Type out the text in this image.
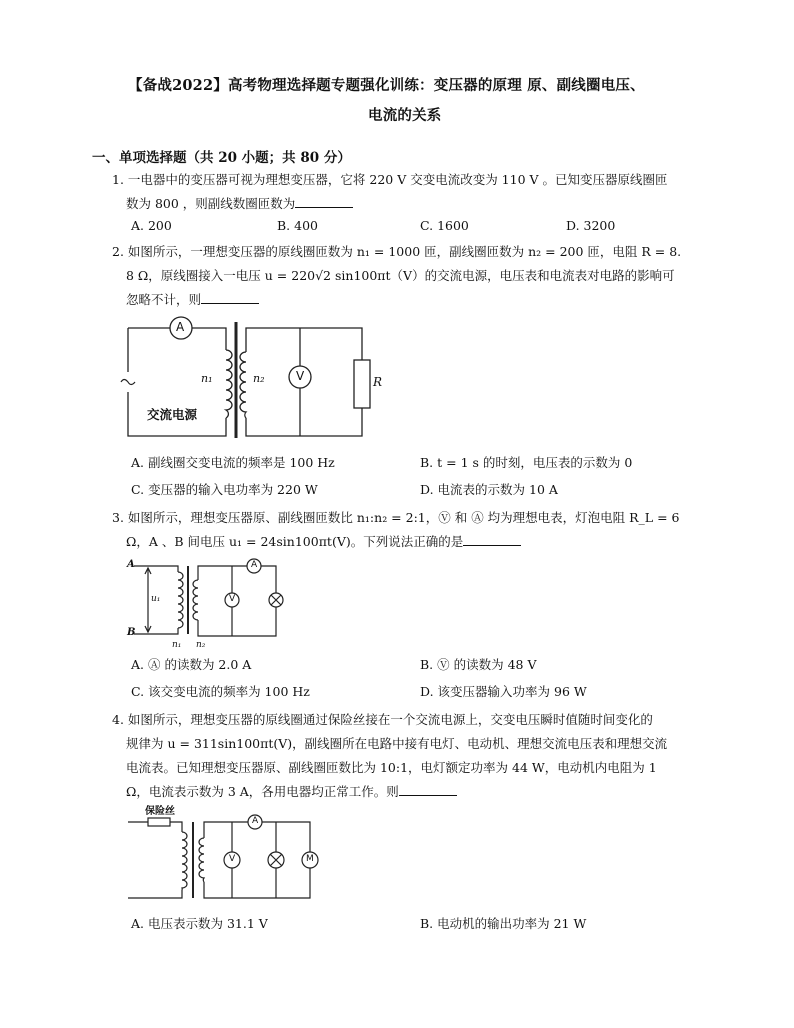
【备战2022】高考物理选择题专题强化训练：变压器的原理 原、副线圈电压、
电流的关系
一、单项选择题（共 20 小题；共 80 分）
1. 一电器中的变压器可视为理想变压器，它将 220 V 交变电流改变为 110 V 。已知变压器原线圈匝
数为 800 ，则副线数圈匝数为
A. 200	B. 400	C. 1600	D. 3200
2. 如图所示，一理想变压器的原线圈匝数为 n₁ = 1000 匝，副线圈匝数为 n₂ = 200 匝，电阻 R = 8.
8 Ω，原线圈接入一电压 u = 220√2 sin100πt（V）的交流电源，电压表和电流表对电路的影响可
忽略不计，则
A
V
n₁	n₂	R
交流电源
A. 副线圈交变电流的频率是 100 Hz	B. t = 1 s 的时刻，电压表的示数为 0
C. 变压器的输入电功率为 220 W	D. 电流表的示数为 10 A
3. 如图所示，理想变压器原、副线圈匝数比 n₁:n₂ = 2:1，Ⓥ 和 Ⓐ 均为理想电表，灯泡电阻 R_L = 6
Ω，A 、B 间电压 u₁ = 24sin100πt(V)。下列说法正确的是
A
B
u₁
n₁ n₂
A
V
A. Ⓐ 的读数为 2.0 A	B. Ⓥ 的读数为 48 V
C. 该交变电流的频率为 100 Hz	D. 该变压器输入功率为 96 W
4. 如图所示，理想变压器的原线圈通过保险丝接在一个交流电源上，交变电压瞬时值随时间变化的
规律为 u = 311sin100πt(V)，副线圈所在电路中接有电灯、电动机、理想交流电压表和理想交流
电流表。已知理想变压器原、副线圈匝数比为 10:1，电灯额定功率为 44 W，电动机内电阻为 1
Ω，电流表示数为 3 A，各用电器均正常工作。则
保险丝
A
V	M
A. 电压表示数为 31.1 V	B. 电动机的输出功率为 21 W
